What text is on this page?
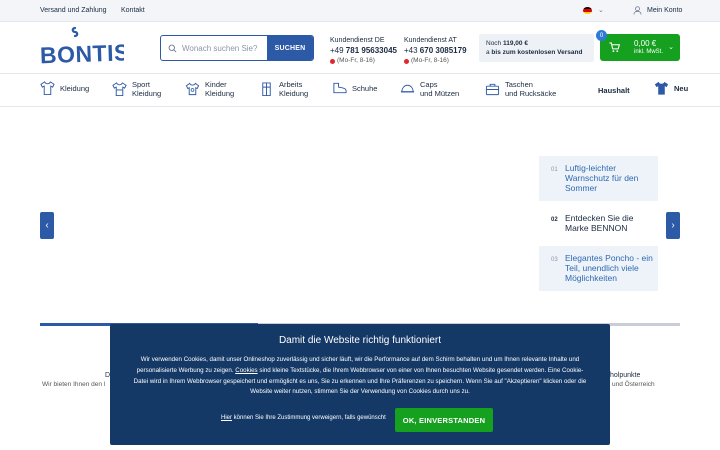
Versand und Zahlung Kontakt	⌄	Mein Konto
BONTIS	Wonach suchen Sie?	SUCHEN
Kundendienst DE
+49 781 95633045
(Mo-Fr, 8-16)
Kundendienst AT
+43 670 3085179
(Mo-Fr, 8-16)
Noch 119,00 €
a bis zum kostenlosen Versand
0
0,00 €
inkl. MwSt.
⌄
Kleidung	Sport
Kleidung
Kinder
Kleidung
Arbeits
Kleidung
Schuhe	Caps
und Mützen
Taschen
und Rucksäcke	Haushalt	Neu
‹	›
01 Luftig-leichter Warnschutz für den Sommer
02 Entdecken Sie die Marke BENNON
03 Elegantes Poncho - ein Teil, unendlich viele Möglichkeiten
D
Wir bieten Ihnen den l
holpunkte
und Österreich
Damit die Website richtig funktioniert
Wir verwenden Cookies, damit unser Onlineshop zuverlässig und sicher läuft, wir die Performance auf dem Schirm behalten und um Ihnen relevante Inhalte und personalisierte Werbung zu zeigen. Cookies sind kleine Textstücke, die Ihrem Webbrowser von einer von Ihnen besuchten Website gesendet werden. Eine Cookie-Datei wird in Ihrem Webbrowser gespeichert und ermöglicht es uns, Sie zu erkennen und Ihre Präferenzen zu speichern. Wenn Sie auf "Akzeptieren" klicken oder die Website weiter nutzen, stimmen Sie der Verwendung von Cookies durch uns zu.
Hier können Sie Ihre Zustimmung verweigern, falls gewünscht	OK, EINVERSTANDEN
